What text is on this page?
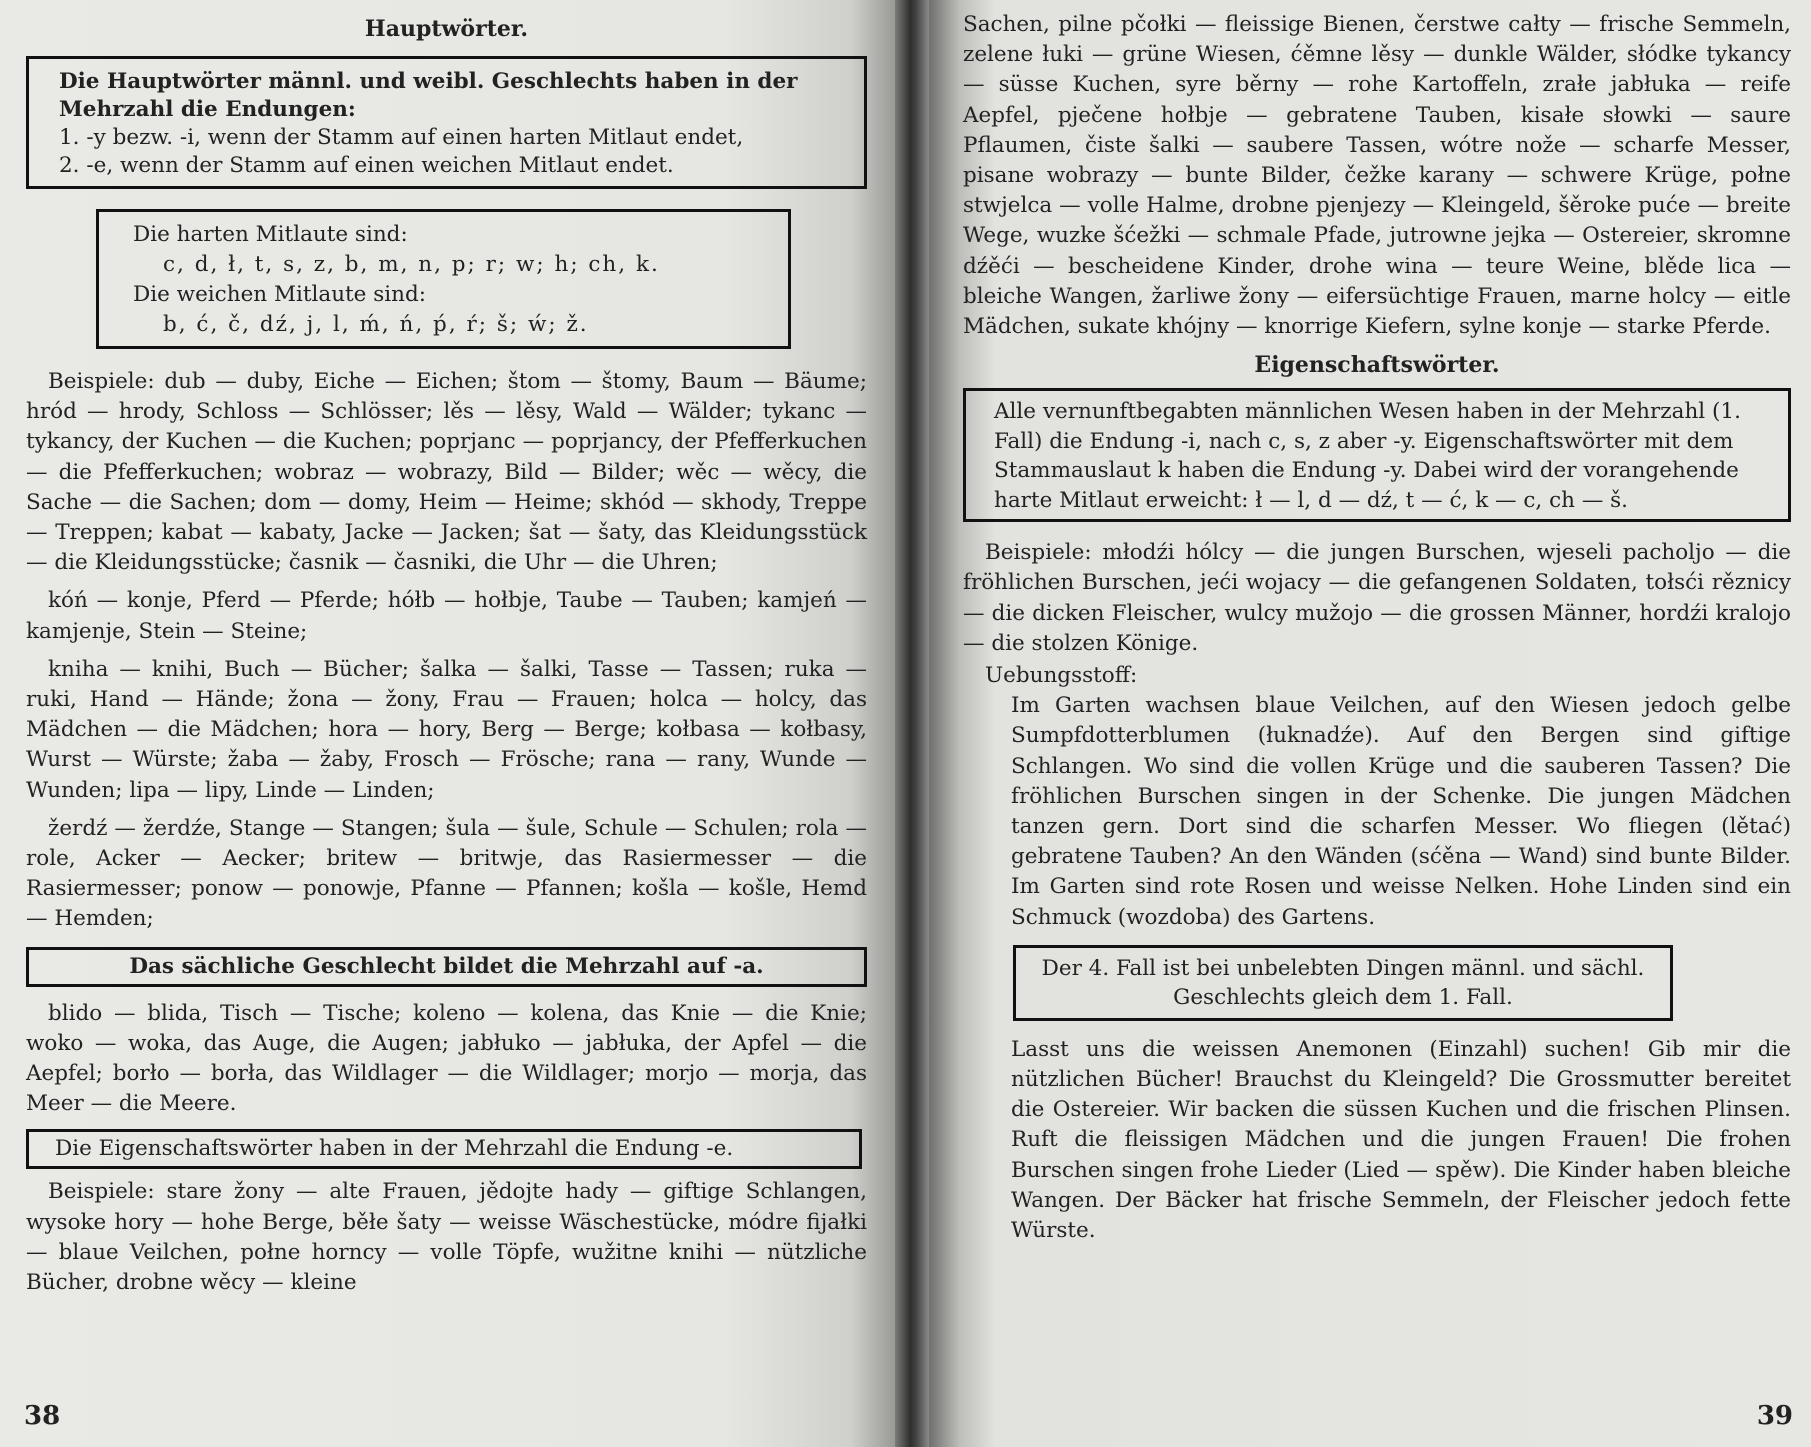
Hauptwörter.
Die Hauptwörter männl. und weibl. Geschlechts haben in der Mehrzahl die Endungen:
1. -y bezw. -i, wenn der Stamm auf einen harten Mitlaut endet,
2. -e, wenn der Stamm auf einen weichen Mitlaut endet.
Die harten Mitlaute sind:
c, d, ł, t, s, z, b, m, n, p; r; w; h; ch, k.
Die weichen Mitlaute sind:
b, ć, č, dź, j, l, ḿ, ń, ṕ, ŕ; š; ẃ; ž.

Beispiele: dub — duby, Eiche — Eichen; štom — štomy, Baum — Bäume; hród — hrody, Schloss — Schlösser; lěs — lěsy, Wald — Wälder; tykanc — tykancy, der Kuchen — die Kuchen; poprjanc — poprjancy, der Pfefferkuchen — die Pfefferkuchen; wobraz — wobrazy, Bild — Bilder; wěc — wěcy, die Sache — die Sachen; dom — domy, Heim — Heime; skhód — skhody, Treppe — Treppen; kabat — kabaty, Jacke — Jacken; šat — šaty, das Kleidungsstück — die Kleidungsstücke; časnik — časniki, die Uhr — die Uhren;

kóń — konje, Pferd — Pferde; hółb — hołbje, Taube — Tauben; kamjeń — kamjenje, Stein — Steine;

kniha — knihi, Buch — Bücher; šalka — šalki, Tasse — Tassen; ruka — ruki, Hand — Hände; žona — žony, Frau — Frauen; holca — holcy, das Mädchen — die Mädchen; hora — hory, Berg — Berge; kołbasa — kołbasy, Wurst — Würste; žaba — žaby, Frosch — Frösche; rana — rany, Wunde — Wunden; lipa — lipy, Linde — Linden;

žerdź — žerdźe, Stange — Stangen; šula — šule, Schule — Schulen; rola — role, Acker — Aecker; britew — britwje, das Rasiermesser — die Rasiermesser; ponow — ponowje, Pfanne — Pfannen; košla — košle, Hemd — Hemden;

Das sächliche Geschlecht bildet die Mehrzahl auf -a.

blido — blida, Tisch — Tische; koleno — kolena, das Knie — die Knie; woko — woka, das Auge, die Augen; jabłuko — jabłuka, der Apfel — die Aepfel; borło — borła, das Wildlager — die Wildlager; morjo — morja, das Meer — die Meere.

Die Eigenschaftswörter haben in der Mehrzahl die Endung -e.

Beispiele: stare žony — alte Frauen, jědojte hady — giftige Schlangen, wysoke hory — hohe Berge, běłe šaty — weisse Wäschestücke, módre fijałki — blaue Veilchen, połne horncy — volle Töpfe, wužitne knihi — nützliche Bücher, drobne wěcy — kleine

38

Sachen, pilne pčołki — fleissige Bienen, čerstwe całty — frische Semmeln, zelene łuki — grüne Wiesen, ćěmne lěsy — dunkle Wälder, słódke tykancy — süsse Kuchen, syre běrny — rohe Kartoffeln, zrałe jabłuka — reife Aepfel, pječene hołbje — gebratene Tauben, kisałe słowki — saure Pflaumen, čiste šalki — saubere Tassen, wótre nože — scharfe Messer, pisane wobrazy — bunte Bilder, čežke karany — schwere Krüge, połne stwjelca — volle Halme, drobne pjenjezy — Kleingeld, šěroke puće — breite Wege, wuzke šćežki — schmale Pfade, jutrowne jejka — Ostereier, skromne dźěći — bescheidene Kinder, drohe wina — teure Weine, blěde lica — bleiche Wangen, žarliwe žony — eifersüchtige Frauen, marne holcy — eitle Mädchen, sukate khójny — knorrige Kiefern, sylne konje — starke Pferde.

Eigenschaftswörter.
Alle vernunftbegabten männlichen Wesen haben in der Mehrzahl (1. Fall) die Endung -i, nach c, s, z aber -y. Eigenschaftswörter mit dem Stammauslaut k haben die Endung -y. Dabei wird der vorangehende harte Mitlaut erweicht: ł — l, d — dź, t — ć, k — c, ch — š.

Beispiele: młodźi hólcy — die jungen Burschen, wjeseli pacholjo — die fröhlichen Burschen, jeći wojacy — die gefangenen Soldaten, tołsći rěznicy — die dicken Fleischer, wulcy mužojo — die grossen Männer, hordźi kralojo — die stolzen Könige.

Uebungsstoff:

Im Garten wachsen blaue Veilchen, auf den Wiesen jedoch gelbe Sumpfdotterblumen (łuknadźe). Auf den Bergen sind giftige Schlangen. Wo sind die vollen Krüge und die sauberen Tassen? Die fröhlichen Burschen singen in der Schenke. Die jungen Mädchen tanzen gern. Dort sind die scharfen Messer. Wo fliegen (lětać) gebratene Tauben? An den Wänden (sćěna — Wand) sind bunte Bilder. Im Garten sind rote Rosen und weisse Nelken. Hohe Linden sind ein Schmuck (wozdoba) des Gartens.

Der 4. Fall ist bei unbelebten Dingen männl. und sächl. Geschlechts gleich dem 1. Fall.

Lasst uns die weissen Anemonen (Einzahl) suchen! Gib mir die nützlichen Bücher! Brauchst du Kleingeld? Die Grossmutter bereitet die Ostereier. Wir backen die süssen Kuchen und die frischen Plinsen. Ruft die fleissigen Mädchen und die jungen Frauen! Die frohen Burschen singen frohe Lieder (Lied — spěw). Die Kinder haben bleiche Wangen. Der Bäcker hat frische Semmeln, der Fleischer jedoch fette Würste.

39
